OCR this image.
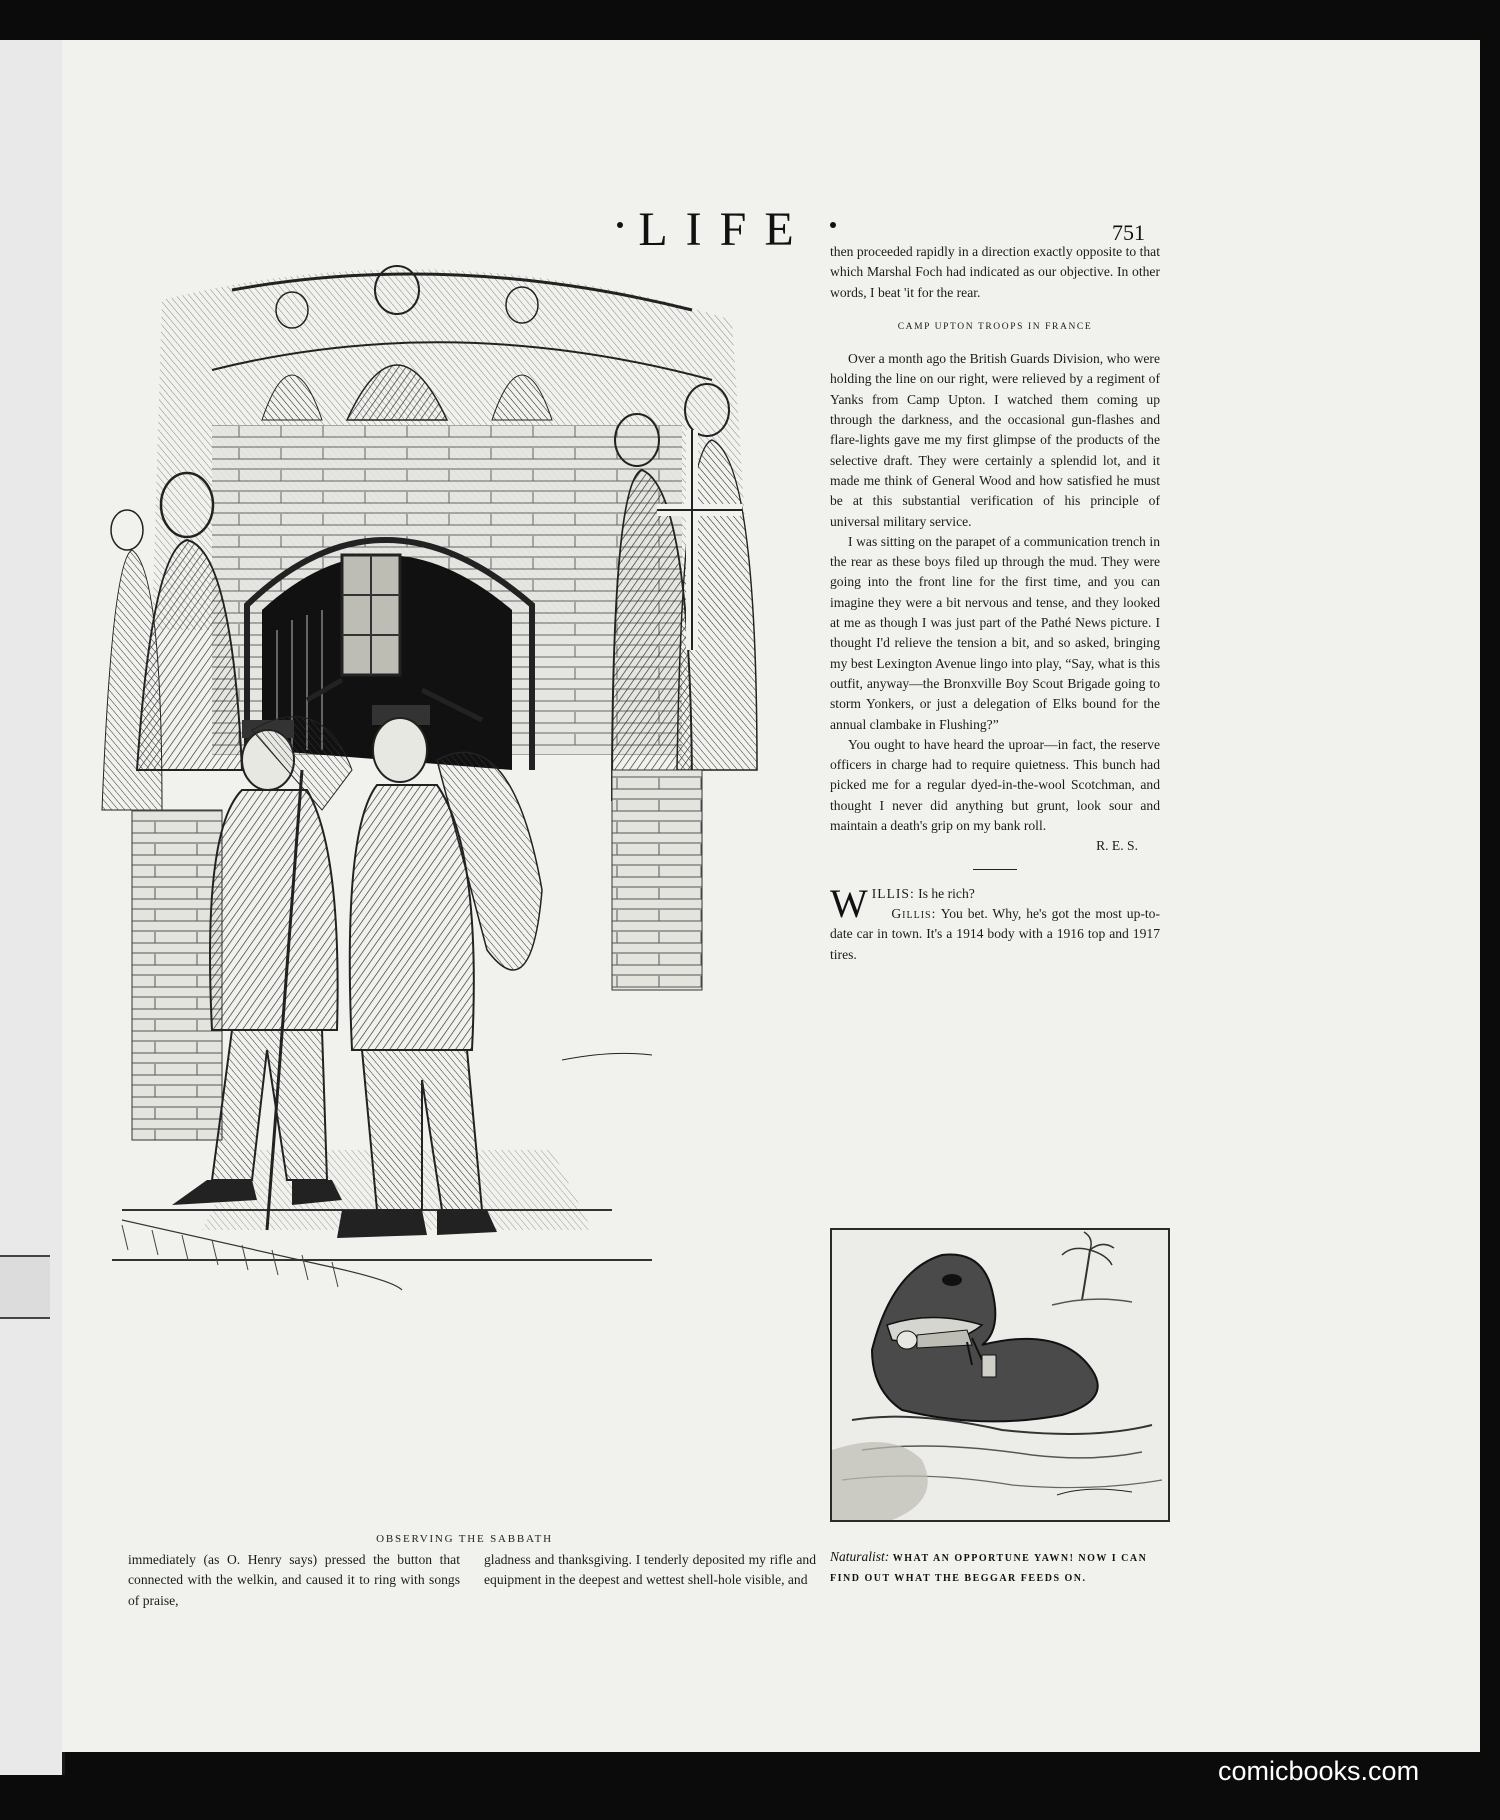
LIFE	751
OBSERVING THE SABBATH

then proceeded rapidly in a direction exactly opposite to that which Marshal Foch had indicated as our objective. In other words, I beat 'it for the rear.

CAMP UPTON TROOPS IN FRANCE

Over a month ago the British Guards Division, who were holding the line on our right, were relieved by a regiment of Yanks from Camp Upton. I watched them coming up through the darkness, and the occasional gun-flashes and flare-lights gave me my first glimpse of the products of the selective draft. They were certainly a splendid lot, and it made me think of General Wood and how satisfied he must be at this substantial verification of his principle of universal military service.

I was sitting on the parapet of a communication trench in the rear as these boys filed up through the mud. They were going into the front line for the first time, and you can imagine they were a bit nervous and tense, and they looked at me as though I was just part of the Pathé News picture. I thought I'd relieve the tension a bit, and so asked, bringing my best Lexington Avenue lingo into play, “Say, what is this outfit, anyway—the Bronxville Boy Scout Brigade going to storm Yonkers, or just a delegation of Elks bound for the annual clambake in Flushing?”

You ought to have heard the uproar—in fact, the reserve officers in charge had to require quietness. This bunch had picked me for a regular dyed-in-the-wool Scotchman, and thought I never did anything but grunt, look sour and maintain a death's grip on my bank roll.

R. E. S.

WILLIS: Is he rich?
Gillis: You bet. Why, he's got the most up-to-date car in town. It's a 1914 body with a 1916 top and 1917 tires.

Naturalist: WHAT AN OPPORTUNE YAWN! NOW I CAN FIND OUT WHAT THE BEGGAR FEEDS ON.

immediately (as O. Henry says) pressed the button that connected with the welkin, and caused it to ring with songs of praise,

gladness and thanksgiving. I tenderly deposited my rifle and equipment in the deepest and wettest shell-hole visible, and

comicbooks.com
